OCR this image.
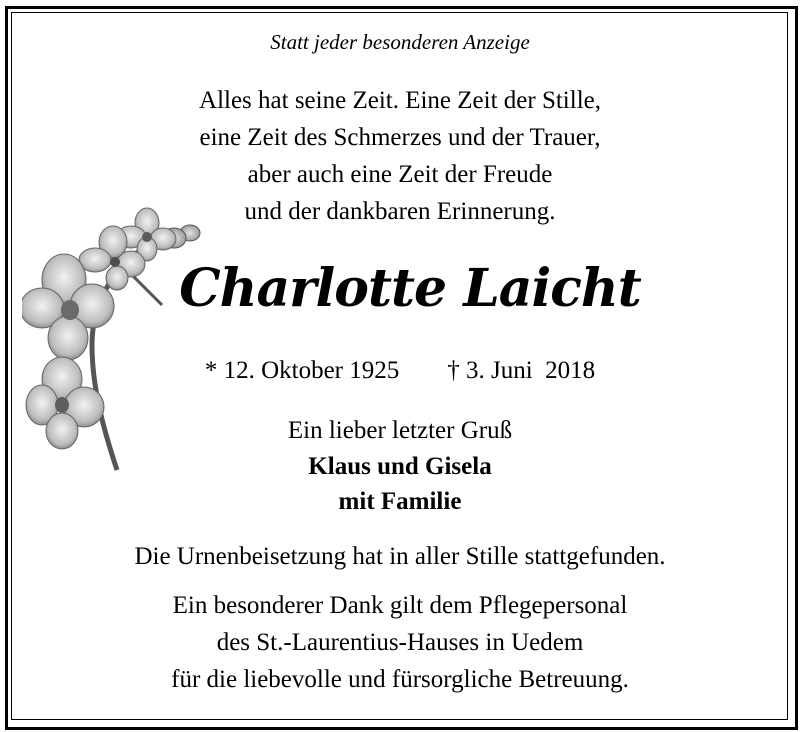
Statt jeder besonderen Anzeige
Alles hat seine Zeit. Eine Zeit der Stille,
eine Zeit des Schmerzes und der Trauer,
aber auch eine Zeit der Freude
und der dankbaren Erinnerung.
Charlotte Laicht
* 12. Oktober 1925 † 3. Juni  2018
Ein lieber letzter Gruß
Klaus und Gisela
mit Familie
Die Urnenbeisetzung hat in aller Stille stattgefunden.
Ein besonderer Dank gilt dem Pflegepersonal
des St.-Laurentius-Hauses in Uedem
für die liebevolle und fürsorgliche Betreuung.
